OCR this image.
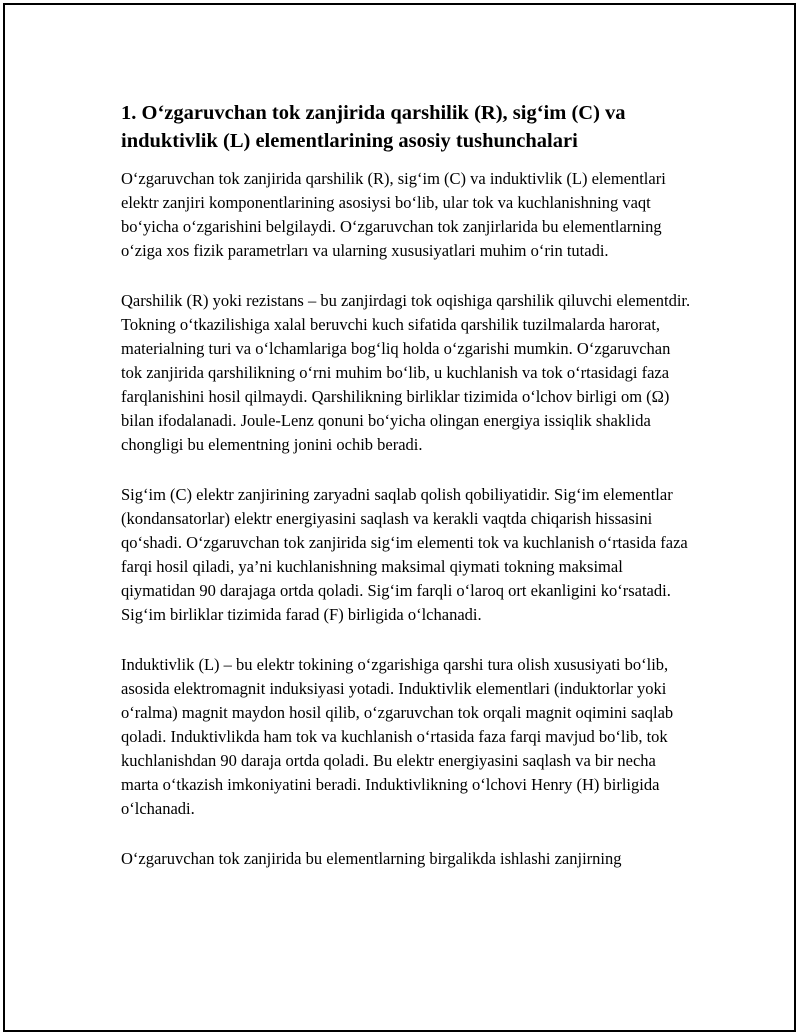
1. O‘zgaruvchan tok zanjirida qarshilik (R), sig‘im (C) va induktivlik (L) elementlarining asosiy tushunchalari

O‘zgaruvchan tok zanjirida qarshilik (R), sig‘im (C) va induktivlik (L) elementlari elektr zanjiri komponentlarining asosiysi bo‘lib, ular tok va kuchlanishning vaqt bo‘yicha o‘zgarishini belgilaydi. O‘zgaruvchan tok zanjirlarida bu elementlarning o‘ziga xos fizik parametrları va ularning xususiyatlari muhim o‘rin tutadi.

Qarshilik (R) yoki rezistans – bu zanjirdagi tok oqishiga qarshilik qiluvchi elementdir. Tokning o‘tkazilishiga xalal beruvchi kuch sifatida qarshilik tuzilmalarda harorat, materialning turi va o‘lchamlariga bog‘liq holda o‘zgarishi mumkin. O‘zgaruvchan tok zanjirida qarshilikning o‘rni muhim bo‘lib, u kuchlanish va tok o‘rtasidagi faza farqlanishini hosil qilmaydi. Qarshilikning birliklar tizimida o‘lchov birligi om (Ω) bilan ifodalanadi. Joule-Lenz qonuni bo‘yicha olingan energiya issiqlik shaklida chongligi bu elementning jonini ochib beradi.

Sig‘im (C) elektr zanjirining zaryadni saqlab qolish qobiliyatidir. Sig‘im elementlar (kondansatorlar) elektr energiyasini saqlash va kerakli vaqtda chiqarish hissasini qo‘shadi. O‘zgaruvchan tok zanjirida sig‘im elementi tok va kuchlanish o‘rtasida faza farqi hosil qiladi, ya’ni kuchlanishning maksimal qiymati tokning maksimal qiymatidan 90 darajaga ortda qoladi. Sig‘im farqli o‘laroq ort ekanligini ko‘rsatadi. Sig‘im birliklar tizimida farad (F) birligida o‘lchanadi.

Induktivlik (L) – bu elektr tokining o‘zgarishiga qarshi tura olish xususiyati bo‘lib, asosida elektromagnit induksiyasi yotadi. Induktivlik elementlari (induktorlar yoki o‘ralma) magnit maydon hosil qilib, o‘zgaruvchan tok orqali magnit oqimini saqlab qoladi. Induktivlikda ham tok va kuchlanish o‘rtasida faza farqi mavjud bo‘lib, tok kuchlanishdan 90 daraja ortda qoladi. Bu elektr energiyasini saqlash va bir necha marta o‘tkazish imkoniyatini beradi. Induktivlikning o‘lchovi Henry (H) birligida o‘lchanadi.

O‘zgaruvchan tok zanjirida bu elementlarning birgalikda ishlashi zanjirning
